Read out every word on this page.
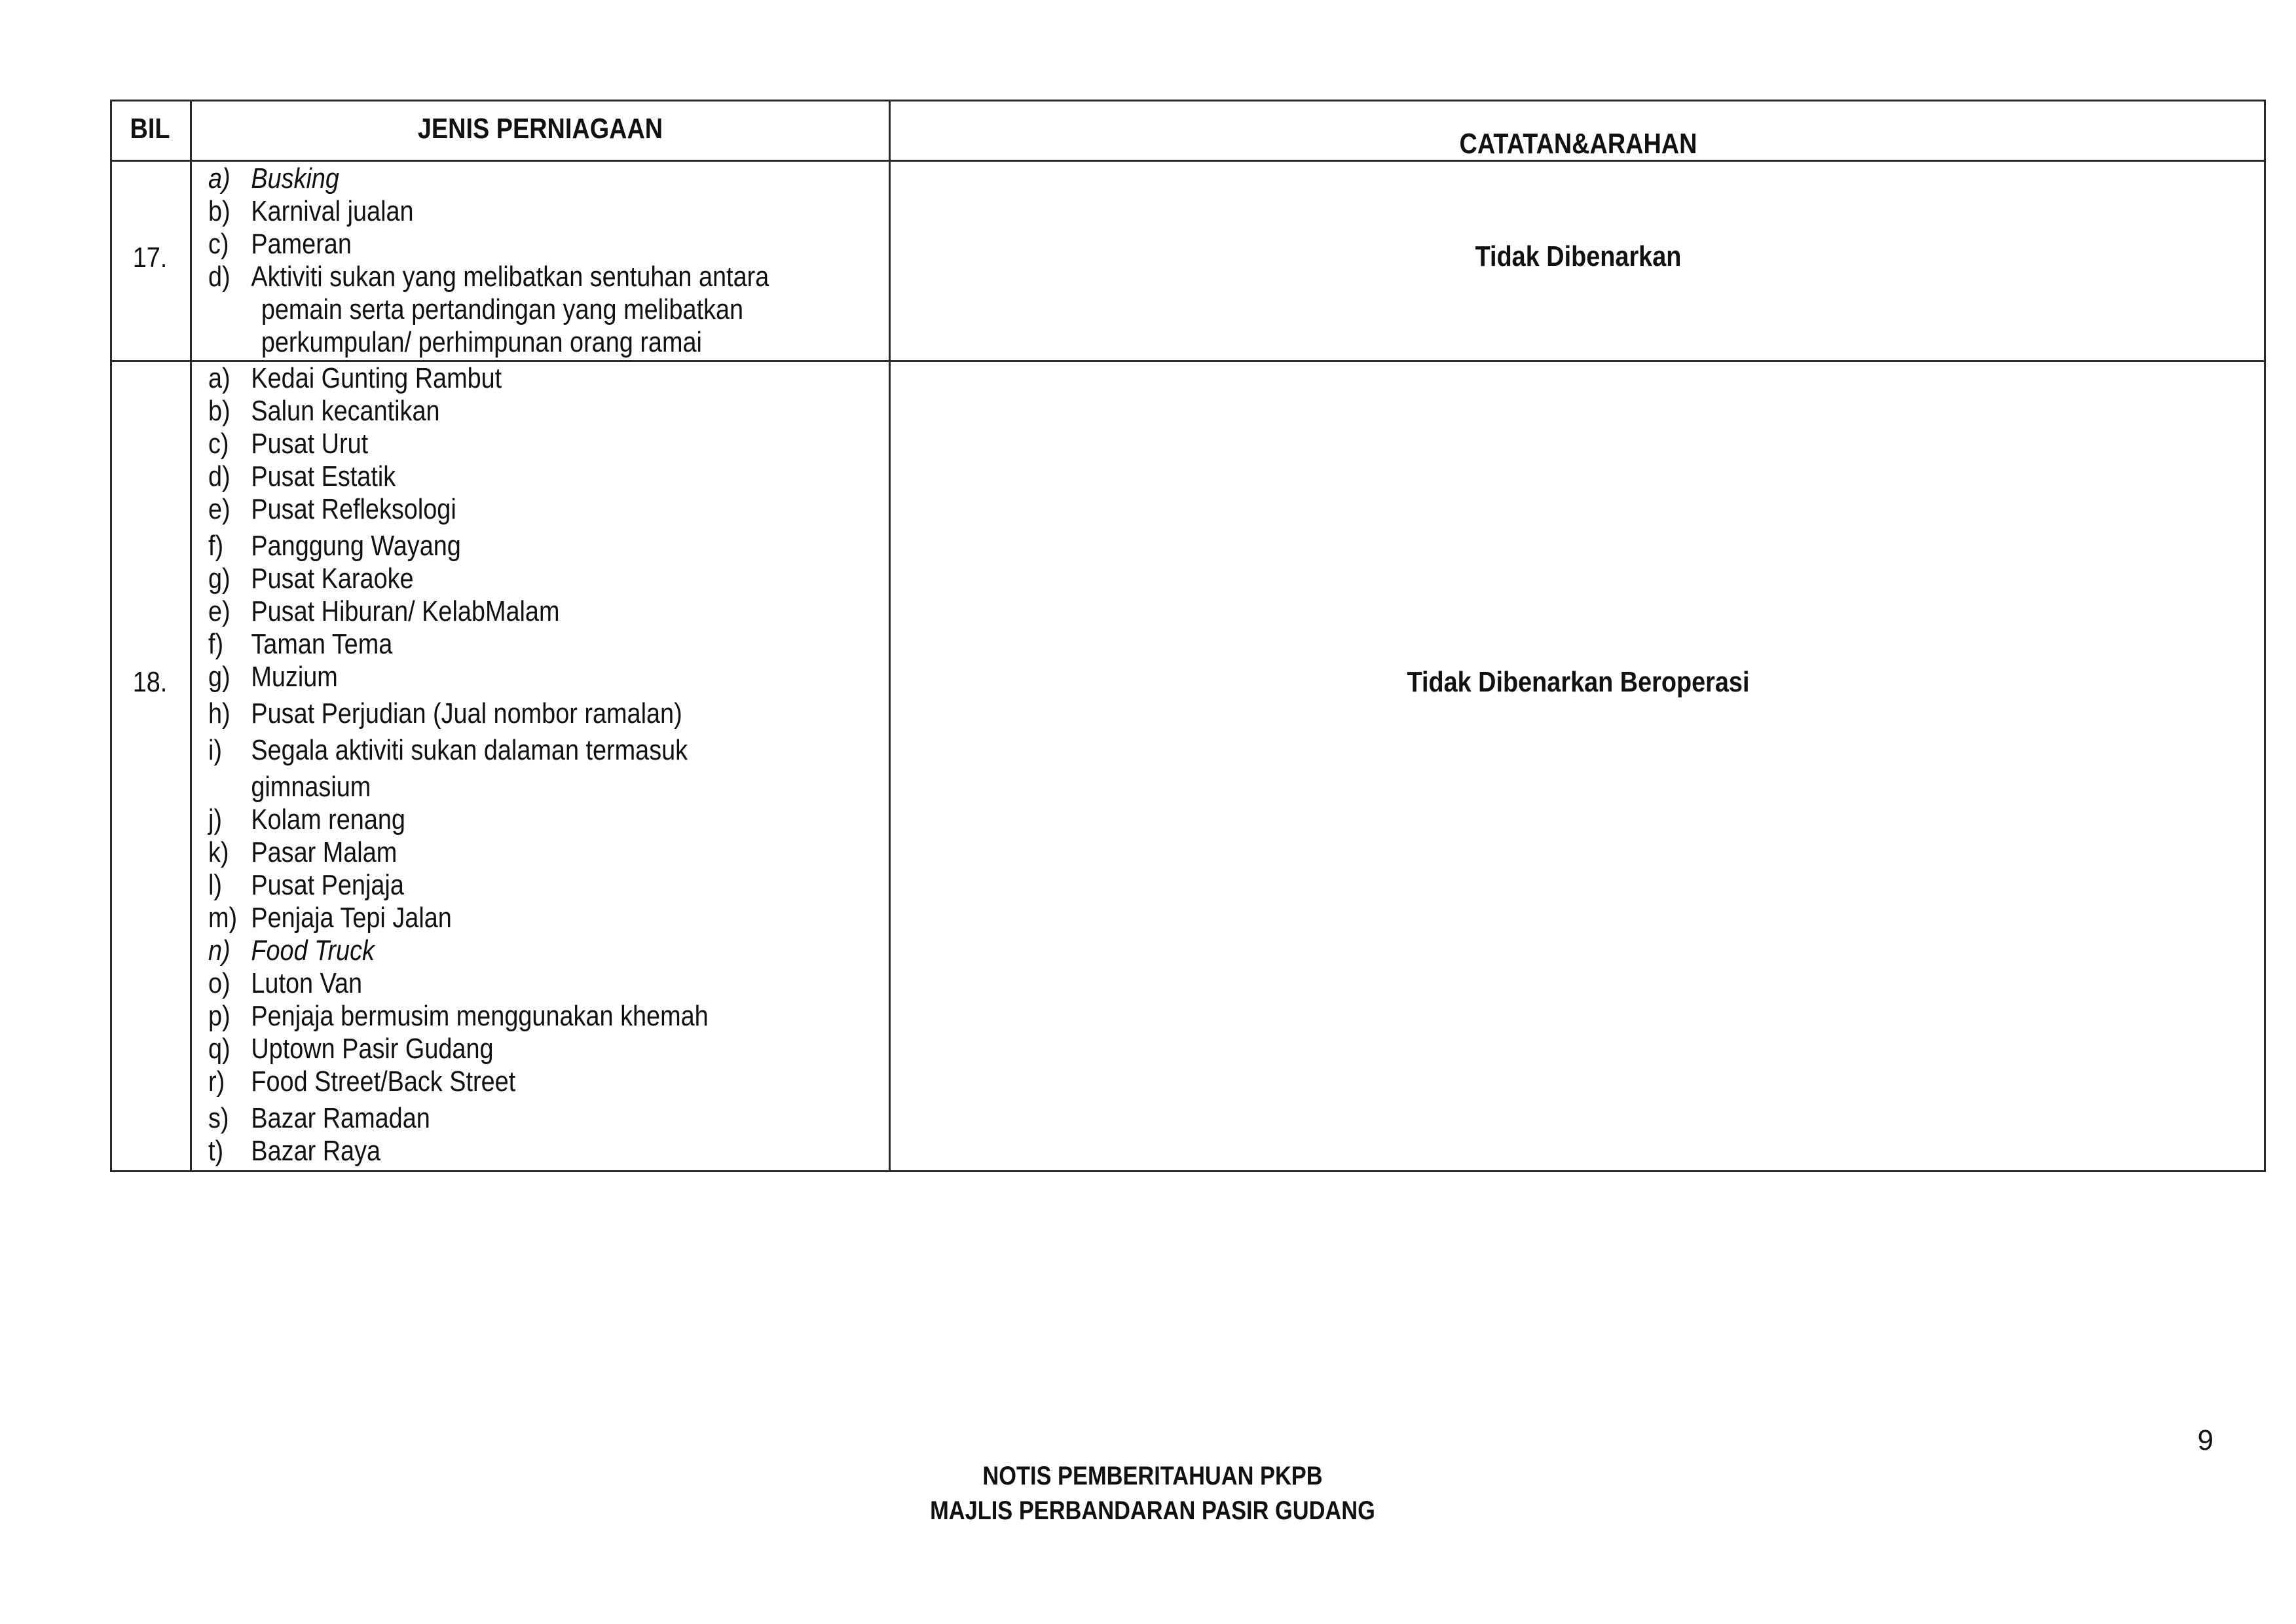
BIL	JENIS PERNIAGAAN	CATATAN&ARAHAN
17.
a) Busking
b) Karnival jualan
c) Pameran
d) Aktiviti sukan yang melibatkan sentuhan antara
pemain serta pertandingan yang melibatkan
perkumpulan/ perhimpunan orang ramai
Tidak Dibenarkan
18.
a) Kedai Gunting Rambut
b) Salun kecantikan
c) Pusat Urut
d) Pusat Estatik
e) Pusat Refleksologi
f) Panggung Wayang
g) Pusat Karaoke
e) Pusat Hiburan/ KelabMalam
f) Taman Tema
g) Muzium
h) Pusat Perjudian (Jual nombor ramalan)
i) Segala aktiviti sukan dalaman termasuk
gimnasium
j) Kolam renang
k) Pasar Malam
l) Pusat Penjaja
m) Penjaja Tepi Jalan
n) Food Truck
o) Luton Van
p) Penjaja bermusim menggunakan khemah
q) Uptown Pasir Gudang
r) Food Street/Back Street
s) Bazar Ramadan
t) Bazar Raya
Tidak Dibenarkan Beroperasi
9
NOTIS PEMBERITAHUAN PKPB
MAJLIS PERBANDARAN PASIR GUDANG
